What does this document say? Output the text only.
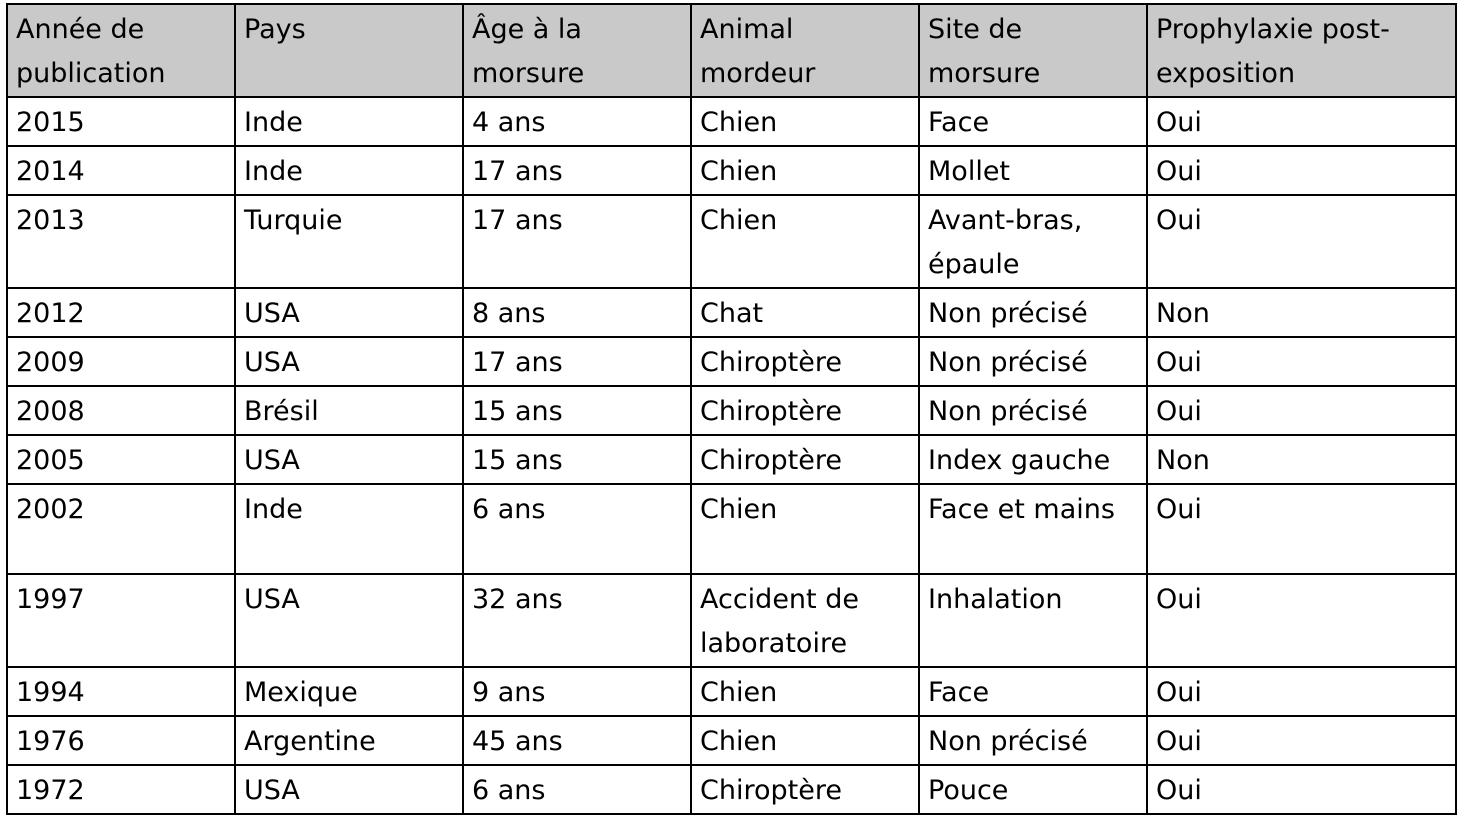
Année de publication	Pays	Âge à la morsure	Animal mordeur	Site de morsure	Prophylaxie post-exposition
2015	Inde	4 ans	Chien	Face	Oui
2014	Inde	17 ans	Chien	Mollet	Oui
2013	Turquie	17 ans	Chien	Avant-bras, épaule	Oui
2012	USA	8 ans	Chat	Non précisé	Non
2009	USA	17 ans	Chiroptère	Non précisé	Oui
2008	Brésil	15 ans	Chiroptère	Non précisé	Oui
2005	USA	15 ans	Chiroptère	Index gauche	Non
2002	Inde	6 ans	Chien	Face et mains	Oui
1997	USA	32 ans	Accident de laboratoire	Inhalation	Oui
1994	Mexique	9 ans	Chien	Face	Oui
1976	Argentine	45 ans	Chien	Non précisé	Oui
1972	USA	6 ans	Chiroptère	Pouce	Oui
